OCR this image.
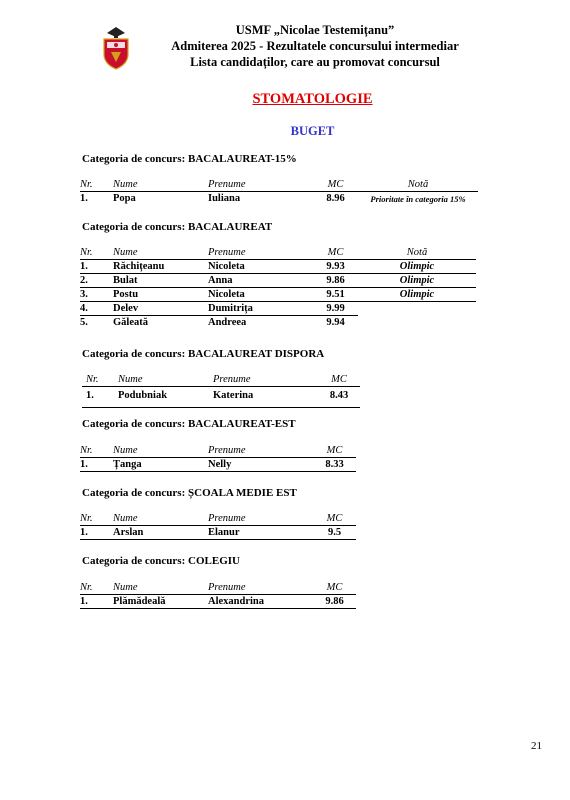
USMF „Nicolae Testemițanu”
Admiterea 2025 - Rezultatele concursului intermediar
Lista candidaților, care au promovat concursul
STOMATOLOGIE
BUGET
Categoria de concurs: BACALAUREAT-15%
Nr.	Nume	Prenume	MC	Notă
1.	Popa	Iuliana	8.96	Prioritate în categoria 15%
Categoria de concurs: BACALAUREAT
Nr.	Nume	Prenume	MC	Notă
1.	Răchițeanu	Nicoleta	9.93	Olimpic
2.	Bulat	Anna	9.86	Olimpic
3.	Postu	Nicoleta	9.51	Olimpic
4.	Delev	Dumitrița	9.99	
5.	Găleată	Andreea	9.94	
Categoria de concurs: BACALAUREAT DISPORA
Nr.	Nume	Prenume	MC
1.	Podubniak	Katerina	8.43
Categoria de concurs: BACALAUREAT-EST
Nr.	Nume	Prenume	MC
1.	Țanga	Nelly	8.33
Categoria de concurs: ȘCOALA MEDIE EST
Nr.	Nume	Prenume	MC
1.	Arslan	Elanur	9.5
Categoria de concurs: COLEGIU
Nr.	Nume	Prenume	MC
1.	Plămădeală	Alexandrina	9.86
21
